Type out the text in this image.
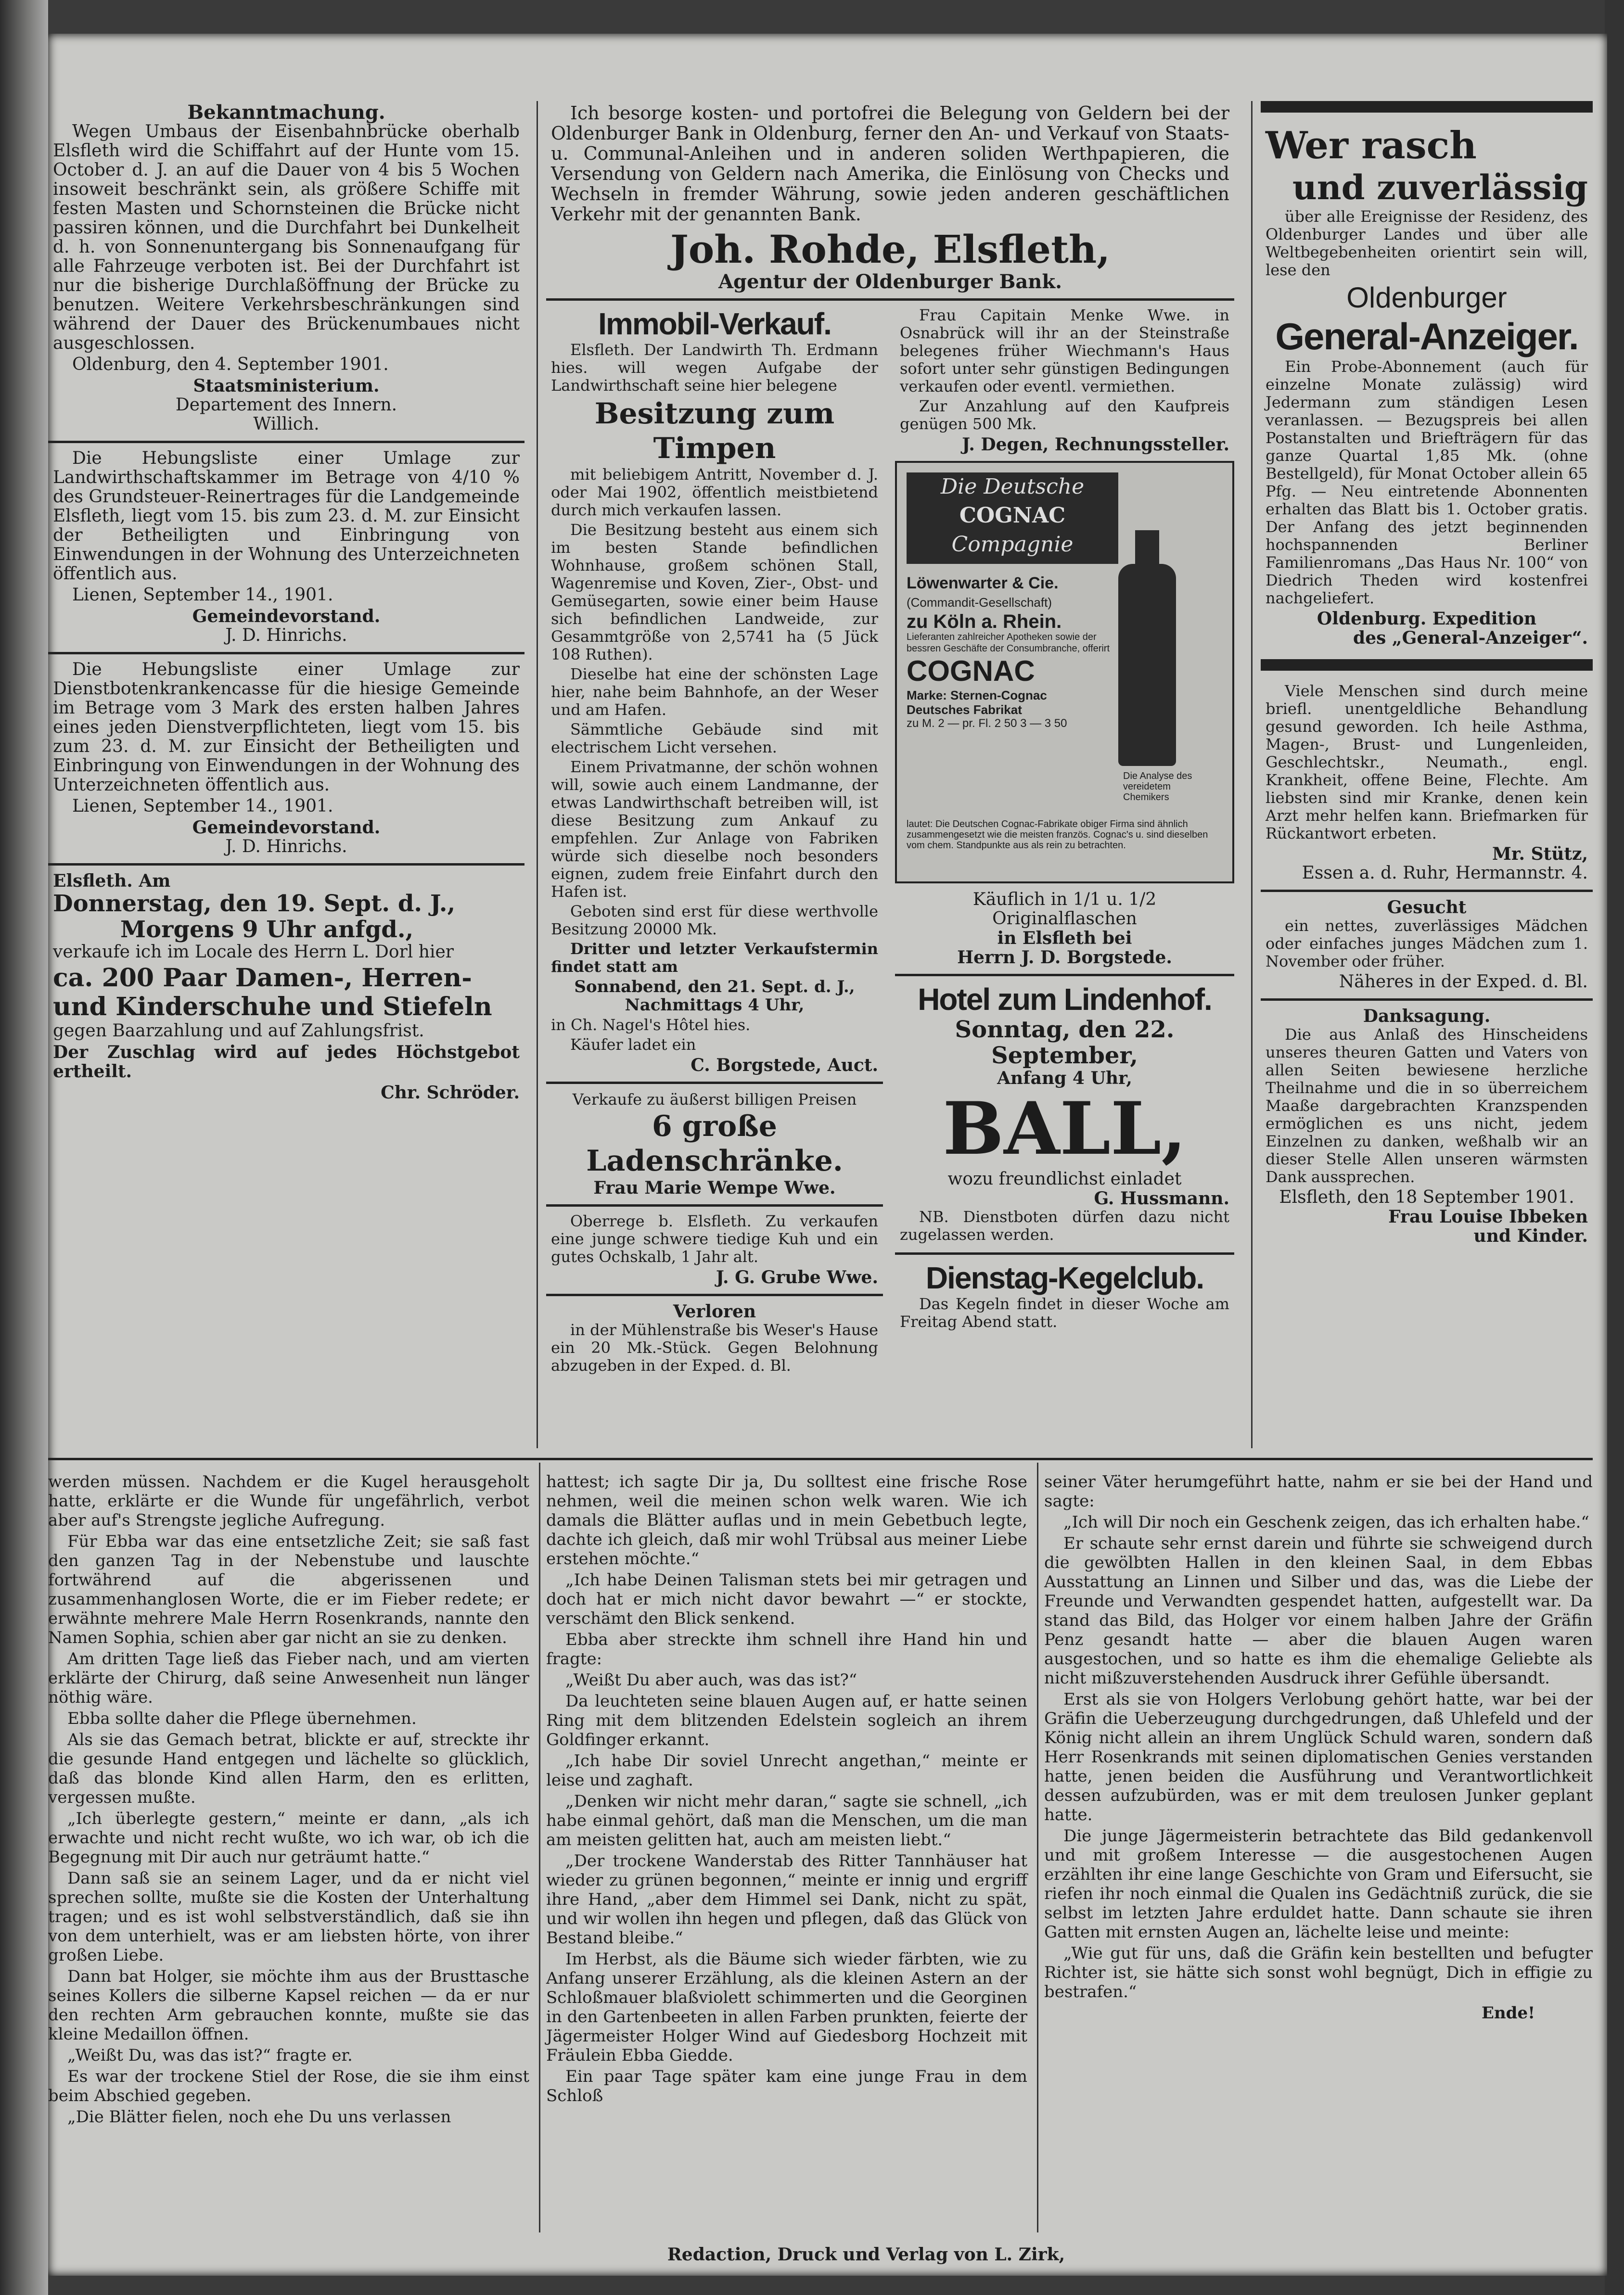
Bekanntmachung.

Wegen Umbaus der Eisenbahnbrücke oberhalb Elsfleth wird die Schiffahrt auf der Hunte vom 15. October d. J. an auf die Dauer von 4 bis 5 Wochen insoweit beschränkt sein, als größere Schiffe mit festen Masten und Schornsteinen die Brücke nicht passiren können, und die Durchfahrt bei Dunkelheit d. h. von Sonnenuntergang bis Sonnenaufgang für alle Fahrzeuge verboten ist. Bei der Durchfahrt ist nur die bisherige Durchlaßöffnung der Brücke zu benutzen. Weitere Verkehrsbeschränkungen sind während der Dauer des Brückenumbaues nicht ausgeschlossen.

Oldenburg, den 4. September 1901.

Staatsministerium.
Departement des Innern.
Willich.

Die Hebungsliste einer Umlage zur Landwirthschaftskammer im Betrage von 4/10 % des Grundsteuer-Reinertrages für die Landgemeinde Elsfleth, liegt vom 15. bis zum 23. d. M. zur Einsicht der Betheiligten und Einbringung von Einwendungen in der Wohnung des Unterzeichneten öffentlich aus.

Lienen, September 14., 1901.

Gemeindevorstand.
J. D. Hinrichs.

Die Hebungsliste einer Umlage zur Dienstbotenkrankencasse für die hiesige Gemeinde im Betrage vom 3 Mark des ersten halben Jahres eines jeden Dienstverpflichteten, liegt vom 15. bis zum 23. d. M. zur Einsicht der Betheiligten und Einbringung von Einwendungen in der Wohnung des Unterzeichneten öffentlich aus.

Lienen, September 14., 1901.

Gemeindevorstand.
J. D. Hinrichs.
Elsfleth. Am
Donnerstag, den 19. Sept. d. J.,
Morgens 9 Uhr anfgd.,

verkaufe ich im Locale des Herrn L. Dorl hier

ca. 200 Paar Damen-, Herren- und Kinderschuhe und Stiefeln

gegen Baarzahlung und auf Zahlungsfrist.

Der Zuschlag wird auf jedes Höchstgebot ertheilt.

Chr. Schröder.

Ich besorge kosten- und portofrei die Belegung von Geldern bei der Oldenburger Bank in Oldenburg, ferner den An- und Verkauf von Staats- u. Communal-Anleihen und in anderen soliden Werthpapieren, die Versendung von Geldern nach Amerika, die Einlösung von Checks und Wechseln in fremder Währung, sowie jeden anderen geschäftlichen Verkehr mit der genannten Bank.

Joh. Rohde, Elsfleth,
Agentur der Oldenburger Bank.
Immobil-Verkauf.

Elsfleth. Der Landwirth Th. Erdmann hies. will wegen Aufgabe der Landwirthschaft seine hier belegene

Besitzung zum Timpen

mit beliebigem Antritt, November d. J. oder Mai 1902, öffentlich meistbietend durch mich verkaufen lassen.

Die Besitzung besteht aus einem sich im besten Stande befindlichen Wohnhause, großem schönen Stall, Wagenremise und Koven, Zier-, Obst- und Gemüsegarten, sowie einer beim Hause sich befindlichen Landweide, zur Gesammtgröße von 2,5741 ha (5 Jück 108 Ruthen).

Dieselbe hat eine der schönsten Lage hier, nahe beim Bahnhofe, an der Weser und am Hafen.

Sämmtliche Gebäude sind mit electrischem Licht versehen.

Einem Privatmanne, der schön wohnen will, sowie auch einem Landmanne, der etwas Landwirthschaft betreiben will, ist diese Besitzung zum Ankauf zu empfehlen. Zur Anlage von Fabriken würde sich dieselbe noch besonders eignen, zudem freie Einfahrt durch den Hafen ist.

Geboten sind erst für diese werthvolle Besitzung 20000 Mk.

Dritter und letzter Verkaufstermin findet statt am

Sonnabend, den 21. Sept. d. J., Nachmittags 4 Uhr,

in Ch. Nagel's Hôtel hies.

Käufer ladet ein

C. Borgstede, Auct.
Verkaufe zu äußerst billigen Preisen
6 große Ladenschränke.
Frau Marie Wempe Wwe.

Oberrege b. Elsfleth. Zu verkaufen eine junge schwere tiedige Kuh und ein gutes Ochskalb, 1 Jahr alt.

J. G. Grube Wwe.
Verloren

in der Mühlenstraße bis Weser's Hause ein 20 Mk.-Stück. Gegen Belohnung abzugeben in der Exped. d. Bl.

Frau Capitain Menke Wwe. in Osnabrück will ihr an der Steinstraße belegenes früher Wiechmann's Haus sofort unter sehr günstigen Bedingungen verkaufen oder eventl. vermiethen.

Zur Anzahlung auf den Kaufpreis genügen 500 Mk.

J. Degen, Rechnungssteller.
Die Deutsche
COGNAC
Compagnie
Löwenwarter & Cie.
(Commandit-Gesellschaft)
zu Köln a. Rhein.
Lieferanten zahlreicher Apotheken sowie der bessren Geschäfte der Consumbranche, offerirt
COGNAC
Marke: Sternen-Cognac Deutsches Fabrikat
zu M. 2 — pr. Fl. 2 50 3 — 3 50
Die Analyse des vereidetem Chemikers
lautet: Die Deutschen Cognac-Fabrikate obiger Firma sind ähnlich zusammengesetzt wie die meisten französ. Cognac's u. sind dieselben vom chem. Standpunkte aus als rein zu betrachten.
Käuflich in 1/1 u. 1/2 Originalflaschen
in Elsfleth bei
Herrn J. D. Borgstede.
Hotel zum Lindenhof.
Sonntag, den 22. September,
Anfang 4 Uhr,
BALL,
wozu freundlichst einladet
G. Hussmann.

NB. Dienstboten dürfen dazu nicht zugelassen werden.

Dienstag-Kegelclub.

Das Kegeln findet in dieser Woche am Freitag Abend statt.

Wer rasch
und zuverlässig

über alle Ereignisse der Residenz, des Oldenburger Landes und über alle Weltbegebenheiten orientirt sein will, lese den

Oldenburger
General-Anzeiger.

Ein Probe-Abonnement (auch für einzelne Monate zulässig) wird Jedermann zum ständigen Lesen veranlassen. — Bezugspreis bei allen Postanstalten und Briefträgern für das ganze Quartal 1,85 Mk. (ohne Bestellgeld), für Monat October allein 65 Pfg. — Neu eintretende Abonnenten erhalten das Blatt bis 1. October gratis. Der Anfang des jetzt beginnenden hochspannenden Berliner Familienromans „Das Haus Nr. 100“ von Diedrich Theden wird kostenfrei nachgeliefert.

Oldenburg. Expedition
des „General-Anzeiger“.

Viele Menschen sind durch meine briefl. unentgeldliche Behandlung gesund geworden. Ich heile Asthma, Magen-, Brust- und Lungenleiden, Geschlechtskr., Neumath., engl. Krankheit, offene Beine, Flechte. Am liebsten sind mir Kranke, denen kein Arzt mehr helfen kann. Briefmarken für Rückantwort erbeten.

Mr. Stütz,
Essen a. d. Ruhr, Hermannstr. 4.
Gesucht

ein nettes, zuverlässiges Mädchen oder einfaches junges Mädchen zum 1. November oder früher.

Näheres in der Exped. d. Bl.
Danksagung.

Die aus Anlaß des Hinscheidens unseres theuren Gatten und Vaters von allen Seiten bewiesene herzliche Theilnahme und die in so überreichem Maaße dargebrachten Kranzspenden ermöglichen es uns nicht, jedem Einzelnen zu danken, weßhalb wir an dieser Stelle Allen unseren wärmsten Dank aussprechen.

Elsfleth, den 18 September 1901.
Frau Louise Ibbeken
und Kinder.

werden müssen. Nachdem er die Kugel herausgeholt hatte, erklärte er die Wunde für ungefährlich, verbot aber auf's Strengste jegliche Aufregung.

Für Ebba war das eine entsetzliche Zeit; sie saß fast den ganzen Tag in der Nebenstube und lauschte fortwährend auf die abgerissenen und zusammenhanglosen Worte, die er im Fieber redete; er erwähnte mehrere Male Herrn Rosenkrands, nannte den Namen Sophia, schien aber gar nicht an sie zu denken.

Am dritten Tage ließ das Fieber nach, und am vierten erklärte der Chirurg, daß seine Anwesenheit nun länger nöthig wäre.

Ebba sollte daher die Pflege übernehmen.

Als sie das Gemach betrat, blickte er auf, streckte ihr die gesunde Hand entgegen und lächelte so glücklich, daß das blonde Kind allen Harm, den es erlitten, vergessen mußte.

„Ich überlegte gestern,“ meinte er dann, „als ich erwachte und nicht recht wußte, wo ich war, ob ich die Begegnung mit Dir auch nur geträumt hatte.“

Dann saß sie an seinem Lager, und da er nicht viel sprechen sollte, mußte sie die Kosten der Unterhaltung tragen; und es ist wohl selbstverständlich, daß sie ihn von dem unterhielt, was er am liebsten hörte, von ihrer großen Liebe.

Dann bat Holger, sie möchte ihm aus der Brusttasche seines Kollers die silberne Kapsel reichen — da er nur den rechten Arm gebrauchen konnte, mußte sie das kleine Medaillon öffnen.

„Weißt Du, was das ist?“ fragte er.

Es war der trockene Stiel der Rose, die sie ihm einst beim Abschied gegeben.

„Die Blätter fielen, noch ehe Du uns verlassen

hattest; ich sagte Dir ja, Du solltest eine frische Rose nehmen, weil die meinen schon welk waren. Wie ich damals die Blätter auflas und in mein Gebetbuch legte, dachte ich gleich, daß mir wohl Trübsal aus meiner Liebe erstehen möchte.“

„Ich habe Deinen Talisman stets bei mir getragen und doch hat er mich nicht davor bewahrt —“ er stockte, verschämt den Blick senkend.

Ebba aber streckte ihm schnell ihre Hand hin und fragte:

„Weißt Du aber auch, was das ist?“

Da leuchteten seine blauen Augen auf, er hatte seinen Ring mit dem blitzenden Edelstein sogleich an ihrem Goldfinger erkannt.

„Ich habe Dir soviel Unrecht angethan,“ meinte er leise und zaghaft.

„Denken wir nicht mehr daran,“ sagte sie schnell, „ich habe einmal gehört, daß man die Menschen, um die man am meisten gelitten hat, auch am meisten liebt.“

„Der trockene Wanderstab des Ritter Tannhäuser hat wieder zu grünen begonnen,“ meinte er innig und ergriff ihre Hand, „aber dem Himmel sei Dank, nicht zu spät, und wir wollen ihn hegen und pflegen, daß das Glück von Bestand bleibe.“

Im Herbst, als die Bäume sich wieder färbten, wie zu Anfang unserer Erzählung, als die kleinen Astern an der Schloßmauer blaßviolett schimmerten und die Georginen in den Gartenbeeten in allen Farben prunkten, feierte der Jägermeister Holger Wind auf Giedesborg Hochzeit mit Fräulein Ebba Giedde.

Ein paar Tage später kam eine junge Frau in dem Schloß

seiner Väter herumgeführt hatte, nahm er sie bei der Hand und sagte:

„Ich will Dir noch ein Geschenk zeigen, das ich erhalten habe.“

Er schaute sehr ernst darein und führte sie schweigend durch die gewölbten Hallen in den kleinen Saal, in dem Ebbas Ausstattung an Linnen und Silber und das, was die Liebe der Freunde und Verwandten gespendet hatten, aufgestellt war. Da stand das Bild, das Holger vor einem halben Jahre der Gräfin Penz gesandt hatte — aber die blauen Augen waren ausgestochen, und so hatte es ihm die ehemalige Geliebte als nicht mißzuverstehenden Ausdruck ihrer Gefühle übersandt.

Erst als sie von Holgers Verlobung gehört hatte, war bei der Gräfin die Ueberzeugung durchgedrungen, daß Uhlefeld und der König nicht allein an ihrem Unglück Schuld waren, sondern daß Herr Rosenkrands mit seinen diplomatischen Genies verstanden hatte, jenen beiden die Ausführung und Verantwortlichkeit dessen aufzubürden, was er mit dem treulosen Junker geplant hatte.

Die junge Jägermeisterin betrachtete das Bild gedankenvoll und mit großem Interesse — die ausgestochenen Augen erzählten ihr eine lange Geschichte von Gram und Eifersucht, sie riefen ihr noch einmal die Qualen ins Gedächtniß zurück, die sie selbst im letzten Jahre erduldet hatte. Dann schaute sie ihren Gatten mit ernsten Augen an, lächelte leise und meinte:

„Wie gut für uns, daß die Gräfin kein bestellten und befugter Richter ist, sie hätte sich sonst wohl begnügt, Dich in effigie zu bestrafen.“

Ende!
Redaction, Druck und Verlag von L. Zirk,
